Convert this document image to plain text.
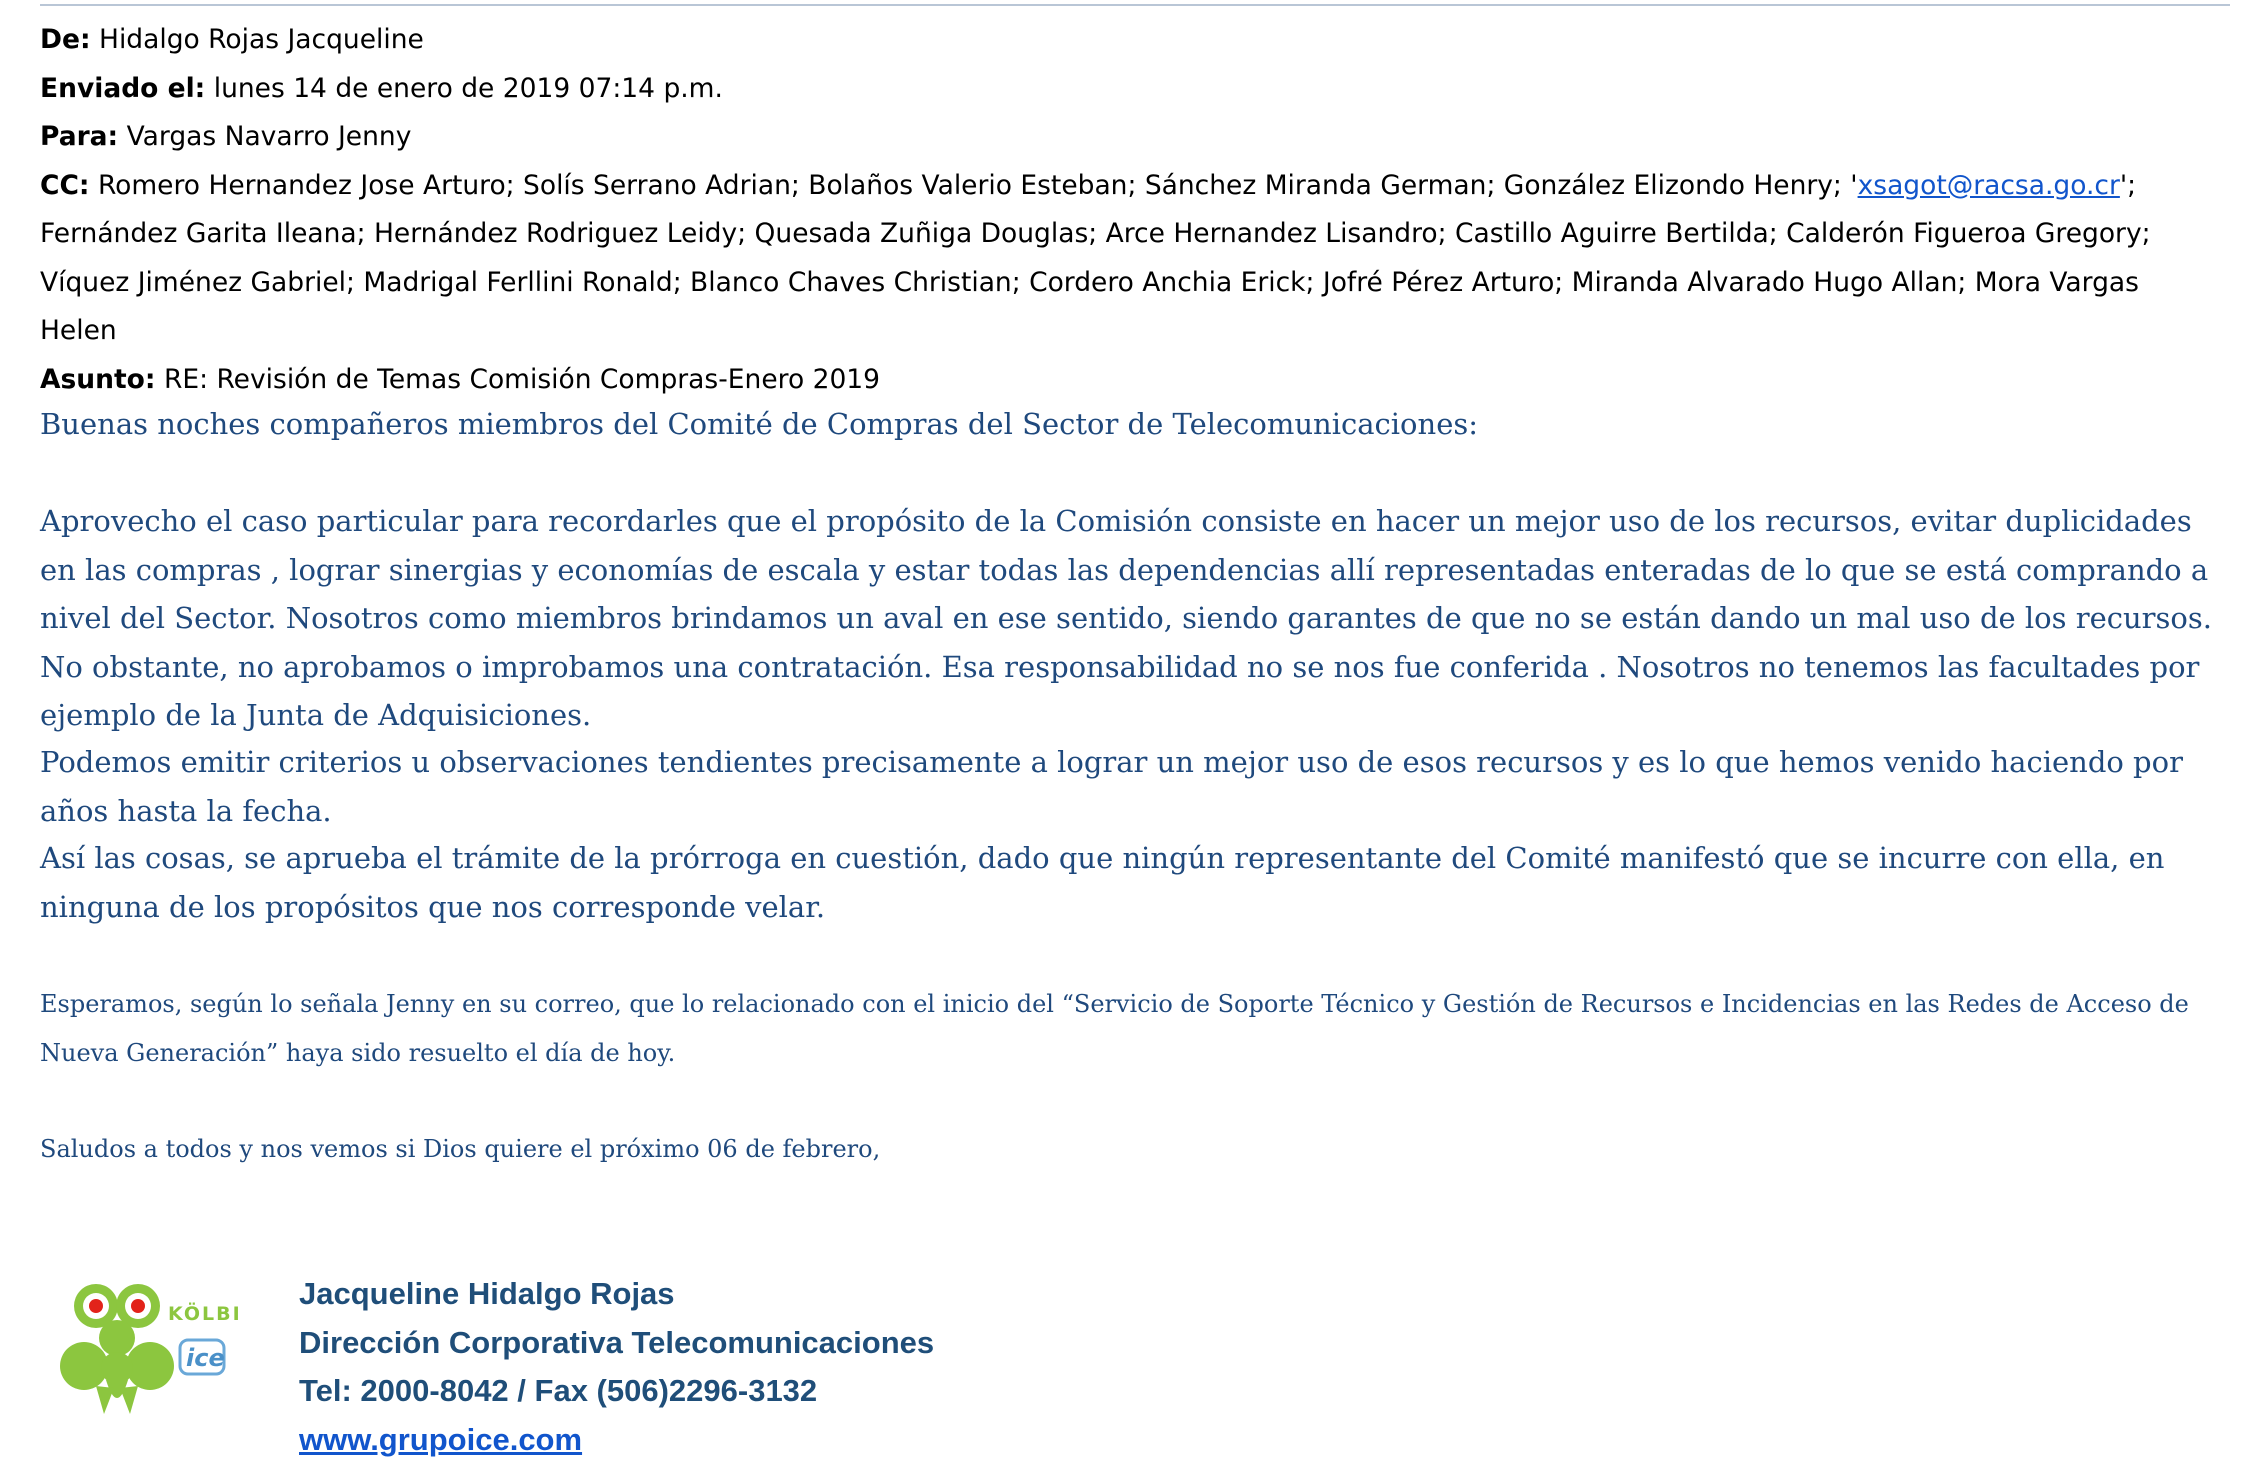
De: Hidalgo Rojas Jacqueline
Enviado el: lunes 14 de enero de 2019 07:14 p.m.
Para: Vargas Navarro Jenny
CC: Romero Hernandez Jose Arturo; Solís Serrano Adrian; Bolaños Valerio Esteban; Sánchez Miranda German; González Elizondo Henry; 'xsagot@racsa.go.cr'; Fernández Garita Ileana; Hernández Rodriguez Leidy; Quesada Zuñiga Douglas; Arce Hernandez Lisandro; Castillo Aguirre Bertilda; Calderón Figueroa Gregory; Víquez Jiménez Gabriel; Madrigal Ferllini Ronald; Blanco Chaves Christian; Cordero Anchia Erick; Jofré Pérez Arturo; Miranda Alvarado Hugo Allan; Mora Vargas Helen
Asunto: RE: Revisión de Temas Comisión Compras-Enero 2019
Buenas noches compañeros miembros del Comité de Compras del Sector de Telecomunicaciones:
Aprovecho el caso particular para recordarles que el propósito de la Comisión consiste en hacer un mejor uso de los recursos, evitar duplicidades en las compras , lograr sinergias y economías de escala y estar todas las dependencias allí representadas enteradas de lo que se está comprando a nivel del Sector. Nosotros como miembros brindamos un aval en ese sentido, siendo garantes de que no se están dando un mal uso de los recursos. No obstante, no aprobamos o improbamos una contratación. Esa responsabilidad no se nos fue conferida . Nosotros no tenemos las facultades por ejemplo de la Junta de Adquisiciones.
Podemos emitir criterios u observaciones tendientes precisamente a lograr un mejor uso de esos recursos y es lo que hemos venido haciendo por años hasta la fecha.
Así las cosas, se aprueba el trámite de la prórroga en cuestión, dado que ningún representante del Comité manifestó que se incurre con ella, en ninguna de los propósitos que nos corresponde velar.
Esperamos, según lo señala Jenny en su correo, que lo relacionado con el inicio del “Servicio de Soporte Técnico y Gestión de Recursos e Incidencias en las Redes de Acceso de Nueva Generación” haya sido resuelto el día de hoy.
Saludos a todos y nos vemos si Dios quiere el próximo 06 de febrero,
KÖLBI
ice
Jacqueline Hidalgo Rojas
Dirección Corporativa Telecomunicaciones
Tel: 2000-8042 / Fax (506)2296-3132
www.grupoice.com
